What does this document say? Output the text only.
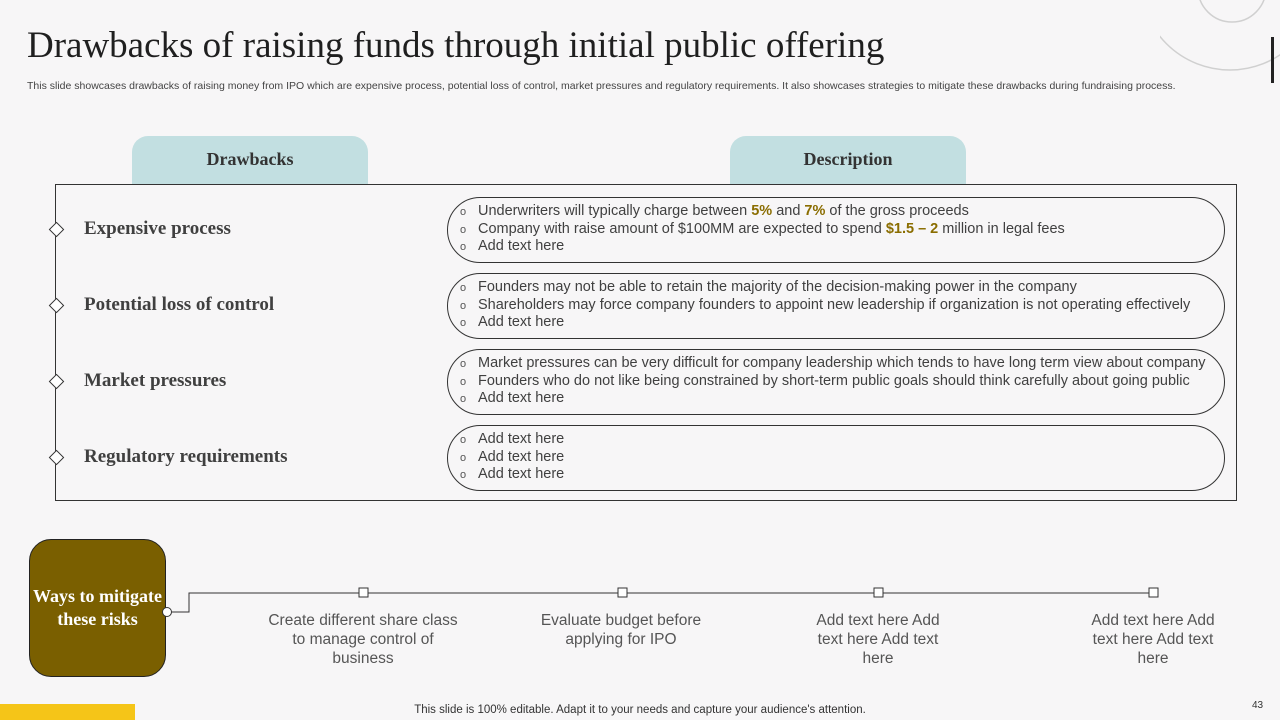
Drawbacks of raising funds through initial public offering
This slide showcases drawbacks of raising money from IPO which are expensive process, potential loss of control, market pressures and regulatory requirements. It also showcases strategies to mitigate these drawbacks during fundraising process.
Drawbacks	Description
Expensive process
o Underwriters will typically charge between 5% and 7% of the gross proceeds
o Company with raise amount of $100MM are expected to spend $1.5 – 2 million in legal fees
o Add text here
Potential loss of control
o Founders may not be able to retain the majority of the decision-making power in the company
o Shareholders may force company founders to appoint new leadership if organization is not operating effectively
o Add text here
Market pressures
o Market pressures can be very difficult for company leadership which tends to have long term view about company
o Founders who do not like being constrained by short-term public goals should think carefully about going public
o Add text here
Regulatory requirements
o Add text here
o Add text here
o Add text here
Ways to mitigate these risks	Create different share class to manage control of business
Evaluate budget before applying for IPO
Add text here Add text here Add text here
Add text here Add text here Add text here
This slide is 100% editable. Adapt it to your needs and capture your audience's attention.	43
